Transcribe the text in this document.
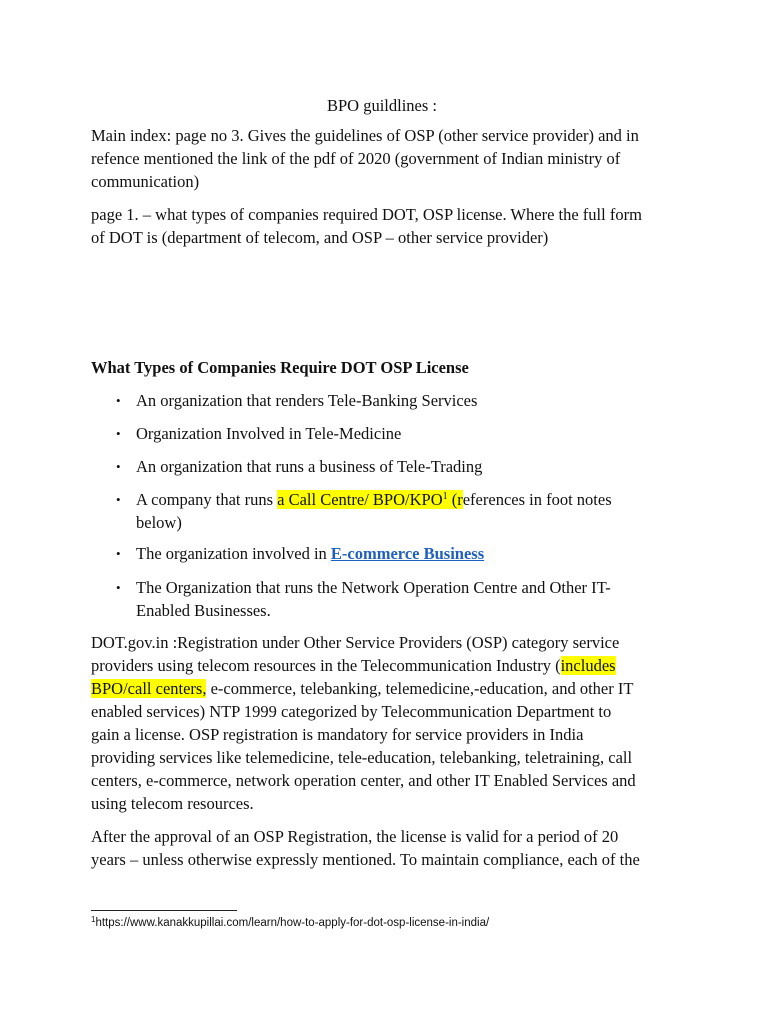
BPO guildlines :

Main index: page no 3. Gives the guidelines of OSP (other service provider) and in

refence mentioned the link of the pdf of 2020 (government of Indian ministry of

communication)

page 1. – what types of companies required DOT, OSP license. Where the full form

of DOT is (department of telecom, and OSP – other service provider)

What Types of Companies Require DOT OSP License

• An organization that renders Tele-Banking Services

• Organization Involved in Tele-Medicine

• An organization that runs a business of Tele-Trading

• A company that runs a Call Centre/ BPO/KPO$^1$ (references in foot notes

below)

• The organization involved in E-commerce Business

• The Organization that runs the Network Operation Centre and Other IT-

Enabled Businesses.

DOT.gov.in :Registration under Other Service Providers (OSP) category service

providers using telecom resources in the Telecommunication Industry (includes

BPO/call centers, e-commerce, telebanking, telemedicine,-education, and other IT

enabled services) NTP 1999 categorized by Telecommunication Department to

gain a license. OSP registration is mandatory for service providers in India

providing services like telemedicine, tele-education, telebanking, teletraining, call

centers, e-commerce, network operation center, and other IT Enabled Services and

using telecom resources.

After the approval of an OSP Registration, the license is valid for a period of 20

years – unless otherwise expressly mentioned. To maintain compliance, each of the

$^1$https://www.kanakkupillai.com/learn/how-to-apply-for-dot-osp-license-in-india/
